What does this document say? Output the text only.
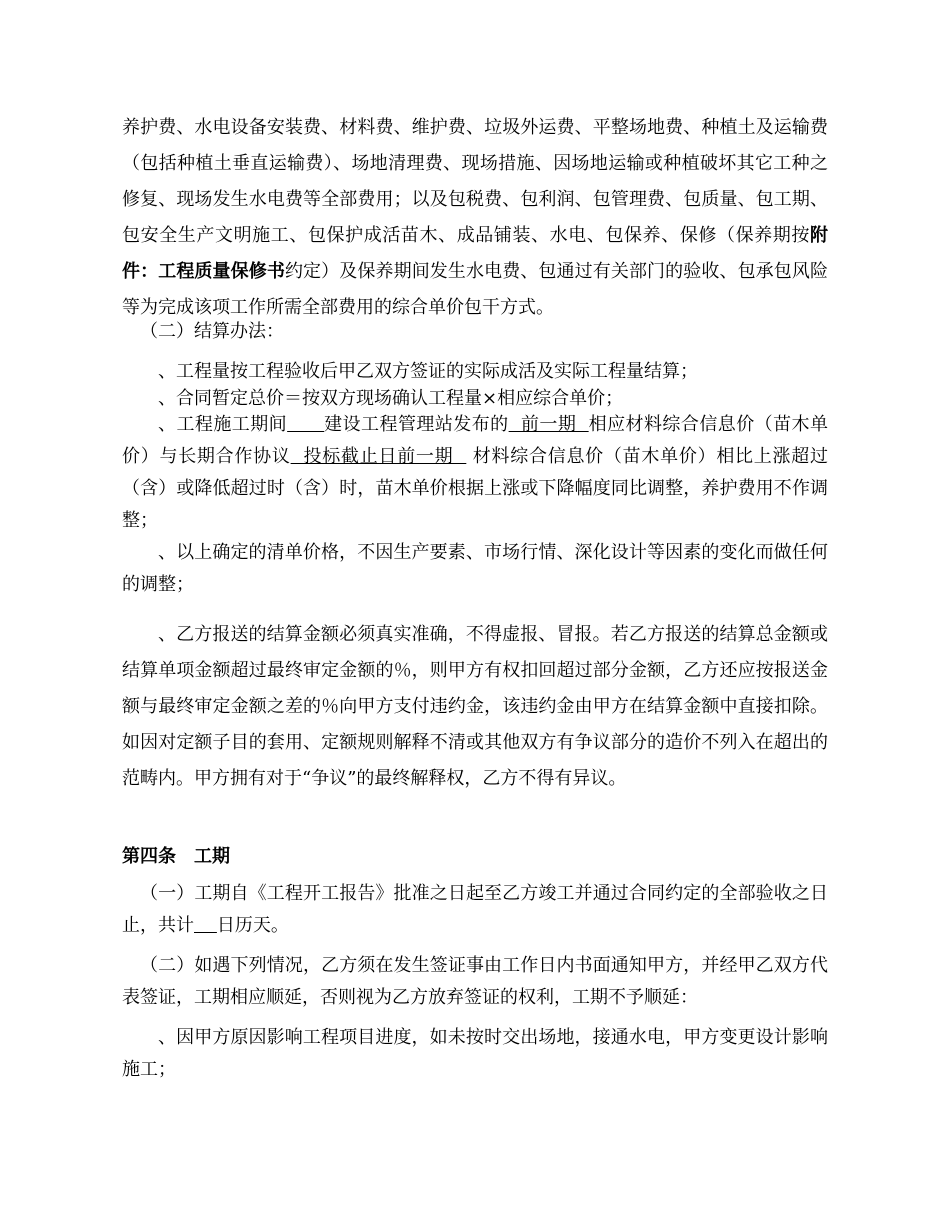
养护费、水电设备安装费、材料费、维护费、垃圾外运费、平整场地费、种植土及运输费（包括种植土垂直运输费）、场地清理费、现场措施、因场地运输或种植破坏其它工种之修复、现场发生水电费等全部费用；以及包税费、包利润、包管理费、包质量、包工期、包安全生产文明施工、包保护成活苗木、成品铺装、水电、包保养、保修（保养期按附件：工程质量保修书约定）及保养期间发生水电费、包通过有关部门的验收、包承包风险等为完成该项工作所需全部费用的综合单价包干方式。

（二）结算办法：

、工程量按工程验收后甲乙双方签证的实际成活及实际工程量结算；

、合同暂定总价＝按双方现场确认工程量×相应综合单价；

、工程施工期间 建设工程管理站发布的  前一期  相应材料综合信息价（苗木单价）与长期合作协议  投标截止日前一期   材料综合信息价（苗木单价）相比上涨超过（含）或降低超过时（含）时，苗木单价根据上涨或下降幅度同比调整，养护费用不作调整；

、以上确定的清单价格，不因生产要素、市场行情、深化设计等因素的变化而做任何的调整；

、乙方报送的结算金额必须真实准确，不得虚报、冒报。若乙方报送的结算总金额或结算单项金额超过最终审定金额的％，则甲方有权扣回超过部分金额，乙方还应按报送金额与最终审定金额之差的％向甲方支付违约金，该违约金由甲方在结算金额中直接扣除。如因对定额子目的套用、定额规则解释不清或其他双方有争议部分的造价不列入在超出的范畴内。甲方拥有对于“争议”的最终解释权，乙方不得有异议。

第四条　工期

（一）工期自《工程开工报告》批准之日起至乙方竣工并通过合同约定的全部验收之日止，共计 日历天。

（二）如遇下列情况，乙方须在发生签证事由工作日内书面通知甲方，并经甲乙双方代表签证，工期相应顺延，否则视为乙方放弃签证的权利，工期不予顺延：

、因甲方原因影响工程项目进度，如未按时交出场地，接通水电，甲方变更设计影响施工；
